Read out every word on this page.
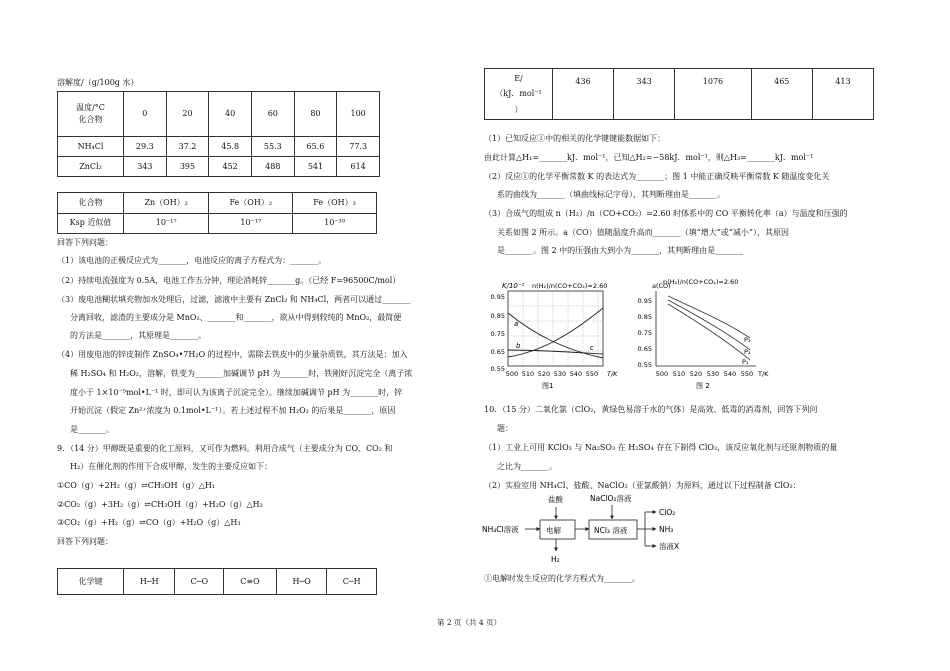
溶解度/（g/100g 水）
温度/°C
化合物	0	20	40	60	80	100
NH₄Cl	29.3	37.2	45.8	55.3	65.6	77.3
ZnCl₂	343	395	452	488	541	614
化合物	Zn（OH）₂	Fe（OH）₂	Fe（OH）₃
Ksp 近似值	10⁻¹⁷	10⁻¹⁷	10⁻³⁹
回答下列问题：
（1）该电池的正极反应式为_______，电池反应的离子方程式为：_______。
（2）持续电流强度为 0.5A，电池工作五分钟，理论消耗锌_______g。（已经 F=96500C/mol）
（3）废电池糊状填充物加水处理后，过滤，滤液中主要有 ZnCl₂ 和 NH₄Cl，两者可以通过_______
分离回收，滤渣的主要成分是 MnO₂、_______和_______，欲从中得到较纯的 MnO₂，最简便
的方法是_______，其原理是_______。
（4）用废电池的锌皮制作 ZnSO₄•7H₂O 的过程中，需除去铁皮中的少量杂质铁，其方法是：加入
稀 H₂SO₄ 和 H₂O₂，溶解，铁变为_______加碱调节 pH 为_______时，铁刚好沉淀完全（离子浓
度小于 1×10⁻⁵mol•L⁻¹ 时，即可认为该离子沉淀完全）。继续加碱调节 pH 为_______时，锌
开始沉淀（假定 Zn²⁺浓度为 0.1mol•L⁻¹）。若上述过程不加 H₂O₂ 的后果是_______，原因
是_______。
9．（14 分）甲醇既是重要的化工原料，又可作为燃料。利用合成气（主要成分为 CO、CO₂ 和
H₂）在催化剂的作用下合成甲醇，发生的主要反应如下：
①CO（g）+2H₂（g）⇌CH₃OH（g）△H₁
②CO₂（g）+3H₂（g）⇌CH₃OH（g）+H₂O（g）△H₂
③CO₂（g）+H₂（g）⇌CO（g）+H₂O（g）△H₃
回答下列问题：
化学键	H─H	C─O	C≡O	H─O	C─H
E/
（kJ．mol⁻¹
）	436	343	1076	465	413
（1）已知反应①中的相关的化学键键能数据如下：
由此计算△H₁=_______kJ．mol⁻¹，已知△H₂=−58kJ．mol⁻¹，则△H₃=_______kJ．mol⁻¹
（2）反应①的化学平衡常数 K 的表达式为_______；图 1 中能正确反映平衡常数 K 随温度变化关
系的曲线为_______（填曲线标记字母），其判断理由是_______。
（3）合成气的组成 n（H₂）/n（CO+CO₂）=2.60 时体系中的 CO 平衡转化率（a）与温度和压强的
关系如图 2 所示。a（CO）值随温度升高而_______（填“增大”或“减小”），其原因
是_______。图 2 中的压强由大到小为_______，其判断理由是_______
K/10⁻² n(H₂)/n(CO+CO₂)=2.60
a
b	c
0.95
0.85
0.75
0.65
0.55
500 510 520 530 540 550 T/K
图1
a(CO)
n(H₂)/n(CO+CO₂)=2.60
P₃
P₂
P₁
0.95
0.85
0.75
0.65
0.55
500 510 520 530 540 550 T/K
图 2
10．（15 分）二氧化氯（ClO₂，黄绿色易溶于水的气体）是高效、低毒的消毒剂，回答下列问
题：
（1）工业上可用 KClO₃ 与 Na₂SO₃ 在 H₂SO₄ 存在下制得 ClO₂，该反应氧化剂与还原剂物质的量
之比为_______。
（2）实验室用 NH₄Cl、盐酸、NaClO₂（亚氯酸钠）为原料，通过以下过程制备 ClO₂：
NH₄Cl溶液
盐酸	NaClO₂溶液
电解	NCl₃ 溶液
H₂
ClO₂
NH₃
溶液X
①电解时发生反应的化学方程式为_______。
第 2 页（共 4 页）
